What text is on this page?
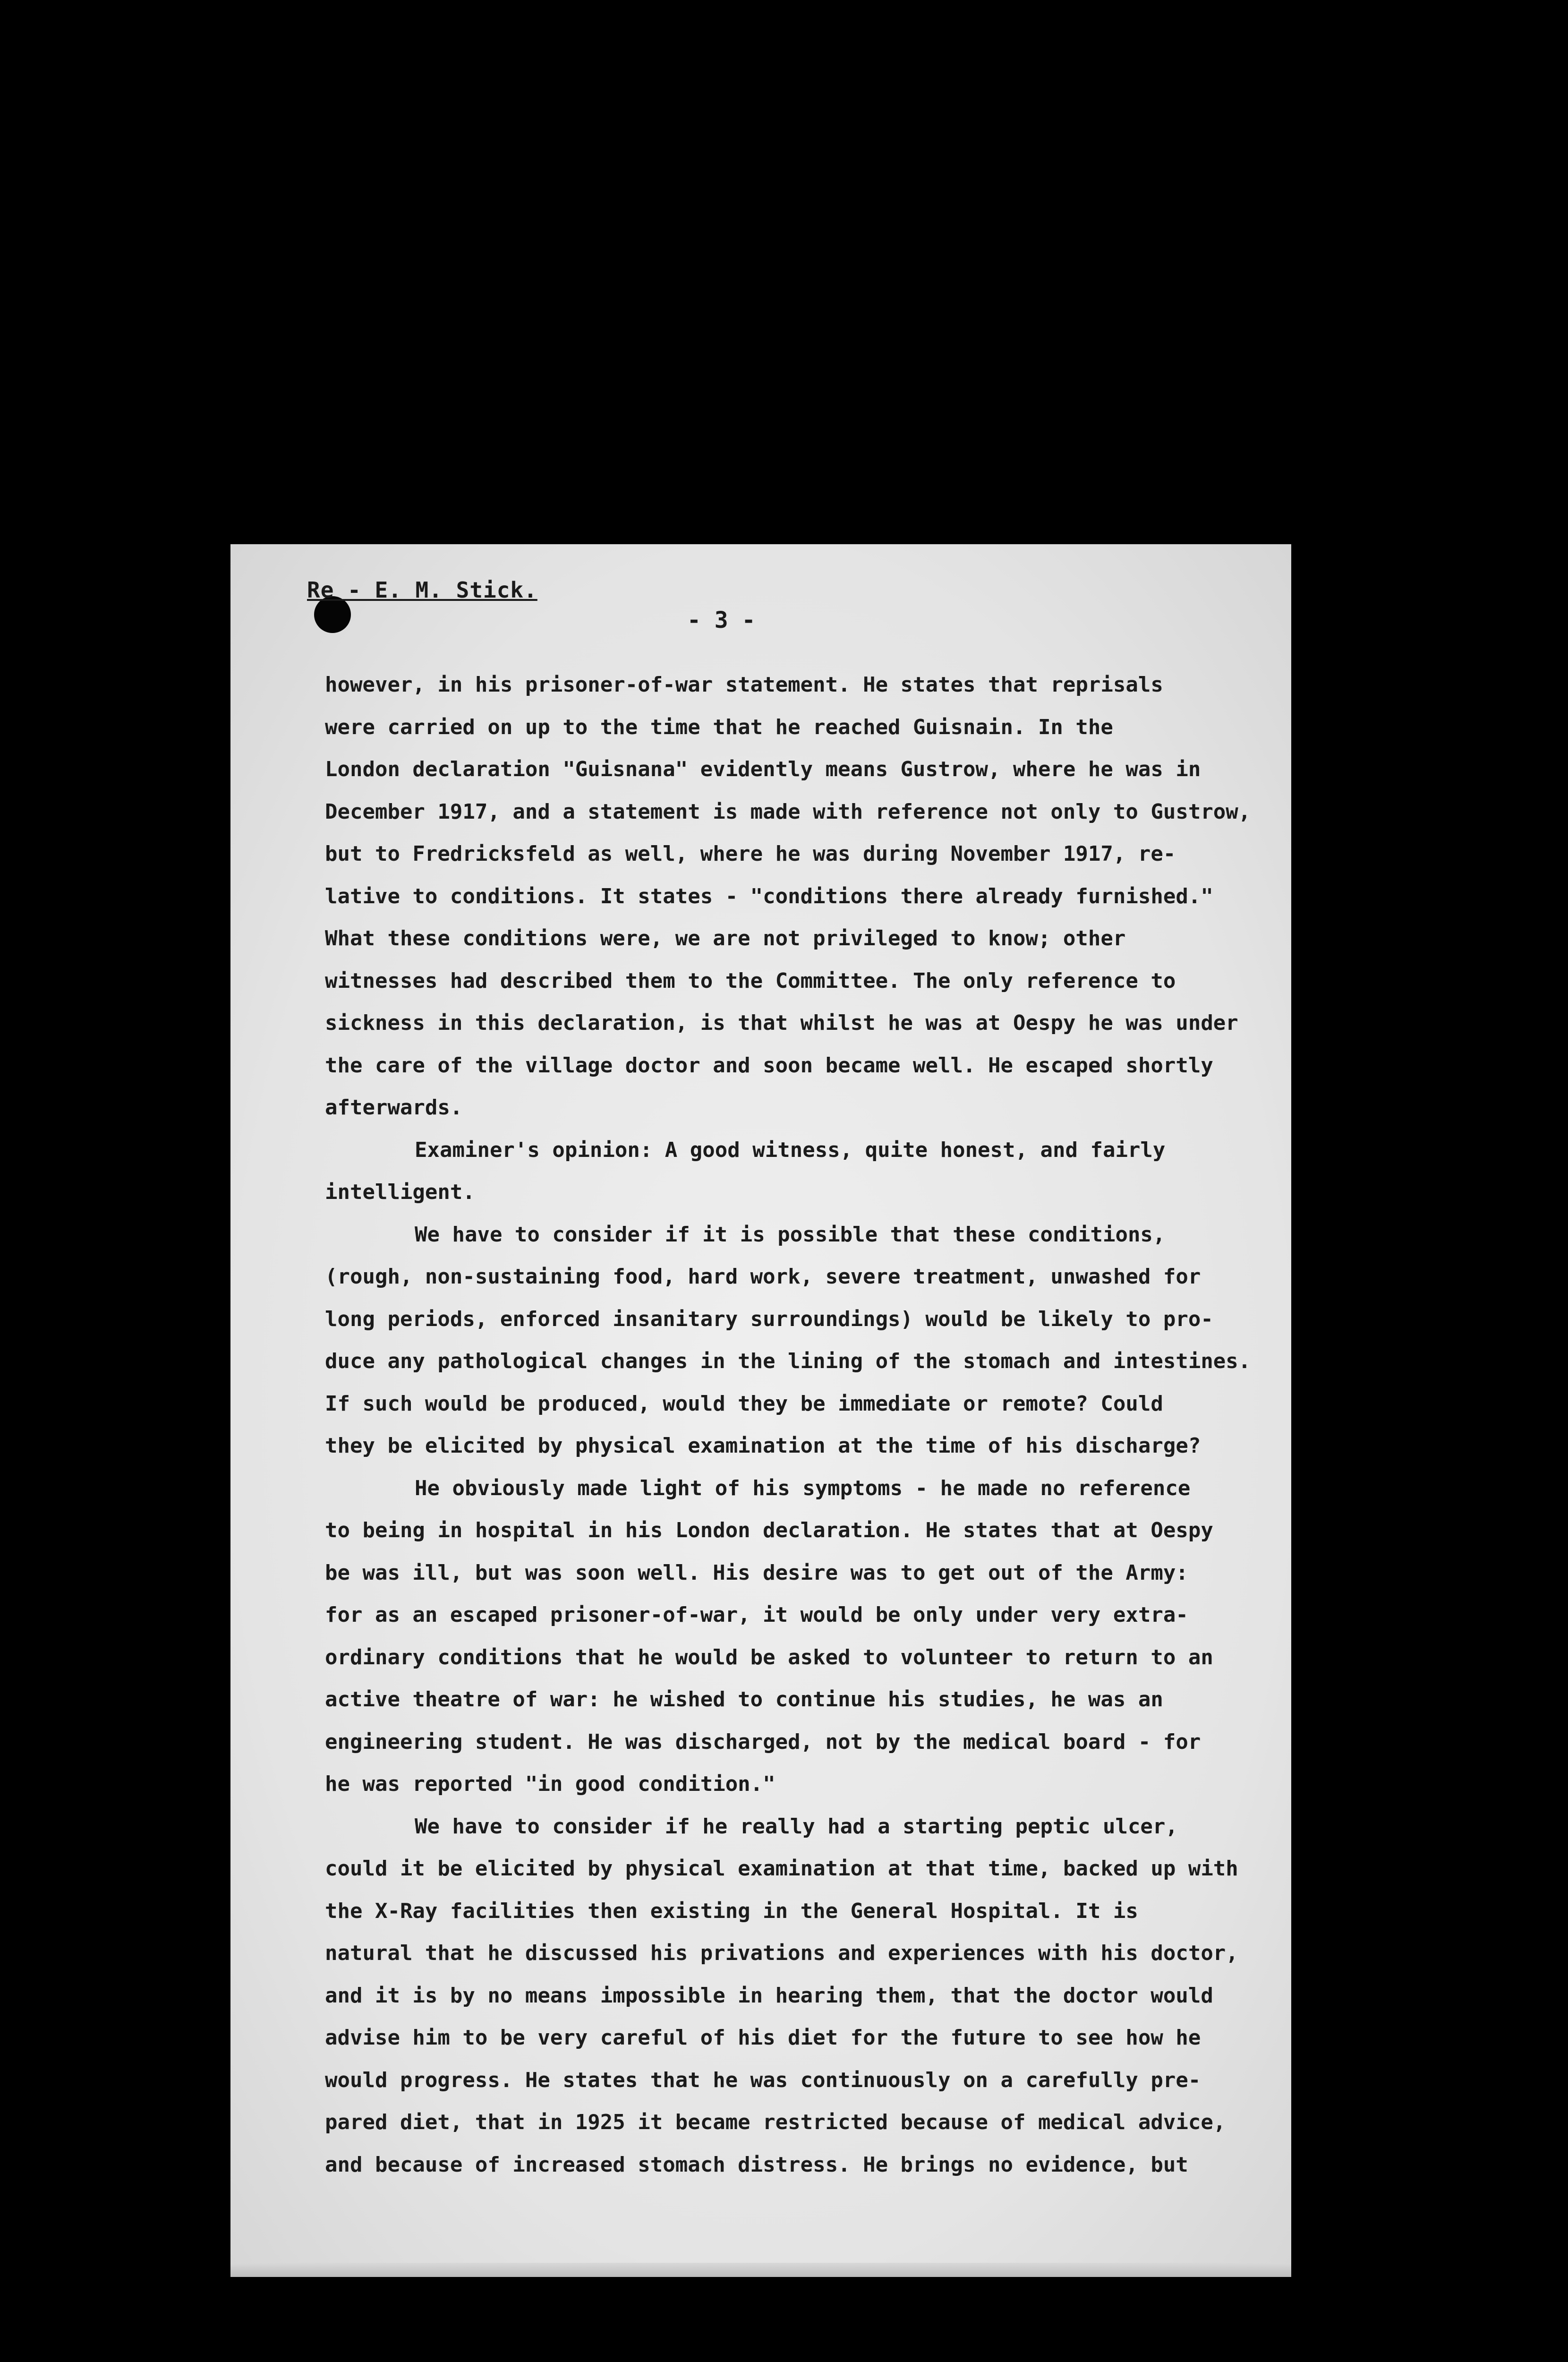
Re - E. M. Stick.
- 3 -
however, in his prisoner-of-war statement. He states that reprisals
were carried on up to the time that he reached Guisnain. In the
London declaration "Guisnana" evidently means Gustrow, where he was in
December 1917, and a statement is made with reference not only to Gustrow,
but to Fredricksfeld as well, where he was during November 1917, re-
lative to conditions. It states - "conditions there already furnished."
What these conditions were, we are not privileged to know; other
witnesses had described them to the Committee. The only reference to
sickness in this declaration, is that whilst he was at Oespy he was under
the care of the village doctor and soon became well. He escaped shortly
afterwards.
Examiner's opinion: A good witness, quite honest, and fairly
intelligent.
We have to consider if it is possible that these conditions,
(rough, non-sustaining food, hard work, severe treatment, unwashed for
long periods, enforced insanitary surroundings) would be likely to pro-
duce any pathological changes in the lining of the stomach and intestines.
If such would be produced, would they be immediate or remote? Could
they be elicited by physical examination at the time of his discharge?
He obviously made light of his symptoms - he made no reference
to being in hospital in his London declaration. He states that at Oespy
be was ill, but was soon well. His desire was to get out of the Army:
for as an escaped prisoner-of-war, it would be only under very extra-
ordinary conditions that he would be asked to volunteer to return to an
active theatre of war: he wished to continue his studies, he was an
engineering student. He was discharged, not by the medical board - for
he was reported "in good condition."
We have to consider if he really had a starting peptic ulcer,
could it be elicited by physical examination at that time, backed up with
the X-Ray facilities then existing in the General Hospital. It is
natural that he discussed his privations and experiences with his doctor,
and it is by no means impossible in hearing them, that the doctor would
advise him to be very careful of his diet for the future to see how he
would progress. He states that he was continuously on a carefully pre-
pared diet, that in 1925 it became restricted because of medical advice,
and because of increased stomach distress. He brings no evidence, but
